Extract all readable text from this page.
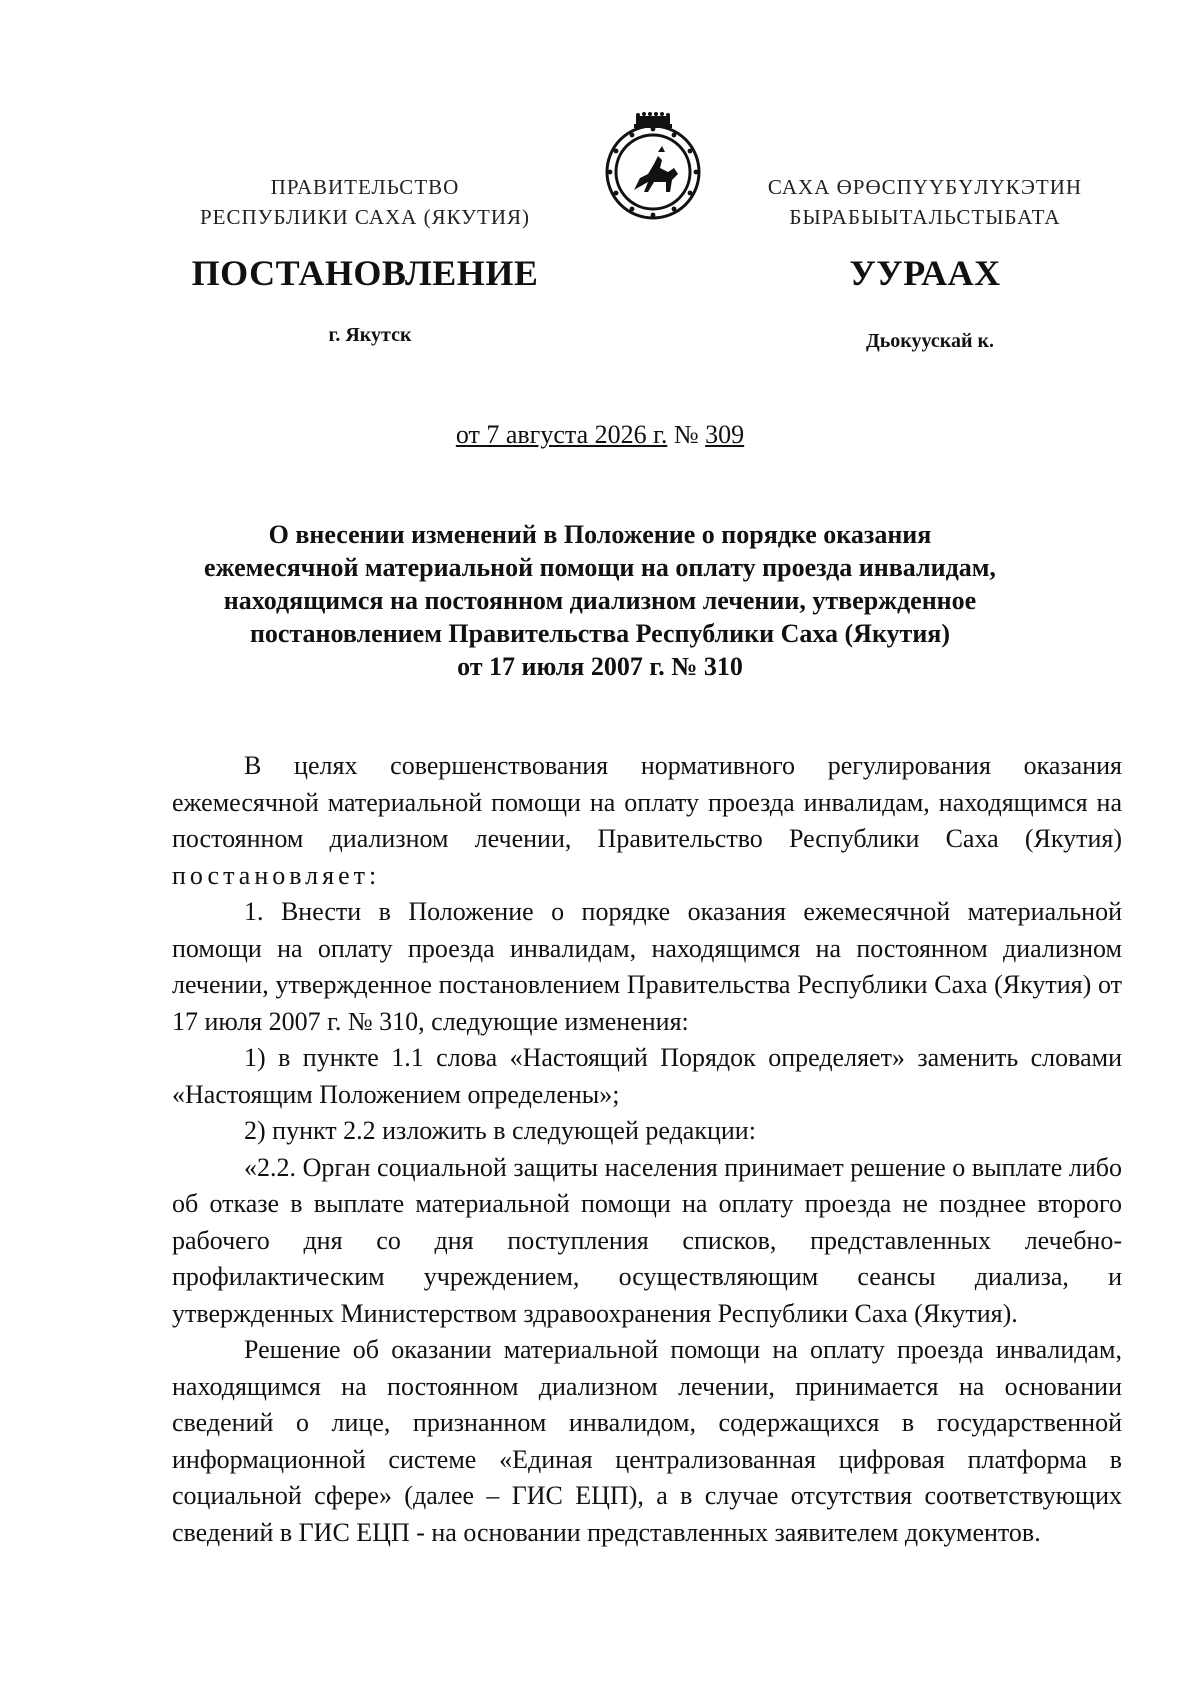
ПРАВИТЕЛЬСТВО
РЕСПУБЛИКИ САХА (ЯКУТИЯ)
САХА ӨРӨСПҮҮБҮЛҮКЭТИН
БЫРАБЫЫТАЛЬСТЫБАТА
ПОСТАНОВЛЕНИЕ	УУРААХ
г. Якутск	Дьокуускай к.
от 7 августа 2026 г. № 309
О внесении изменений в Положение о порядке оказания
ежемесячной материальной помощи на оплату проезда инвалидам,
находящимся на постоянном диализном лечении, утвержденное
постановлением Правительства Республики Саха (Якутия)
от 17 июля 2007 г. № 310

В целях совершенствования нормативного регулирования оказания ежемесячной материальной помощи на оплату проезда инвалидам, находящимся на постоянном диализном лечении, Правительство Республики Саха (Якутия) постановляет:

1. Внести в Положение о порядке оказания ежемесячной материальной помощи на оплату проезда инвалидам, находящимся на постоянном диализном лечении, утвержденное постановлением Правительства Республики Саха (Якутия) от 17 июля 2007 г. № 310, следующие изменения:

1) в пункте 1.1 слова «Настоящий Порядок определяет» заменить словами «Настоящим Положением определены»;

2) пункт 2.2 изложить в следующей редакции:

«2.2. Орган социальной защиты населения принимает решение о выплате либо об отказе в выплате материальной помощи на оплату проезда не позднее второго рабочего дня со дня поступления списков, представленных лечебно-профилактическим учреждением, осуществляющим сеансы диализа, и утвержденных Министерством здравоохранения Республики Саха (Якутия).

Решение об оказании материальной помощи на оплату проезда инвалидам, находящимся на постоянном диализном лечении, принимается на основании сведений о лице, признанном инвалидом, содержащихся в государственной информационной системе «Единая централизованная цифровая платформа в социальной сфере» (далее – ГИС ЕЦП), а в случае отсутствия соответствующих сведений в ГИС ЕЦП - на основании представленных заявителем документов.
